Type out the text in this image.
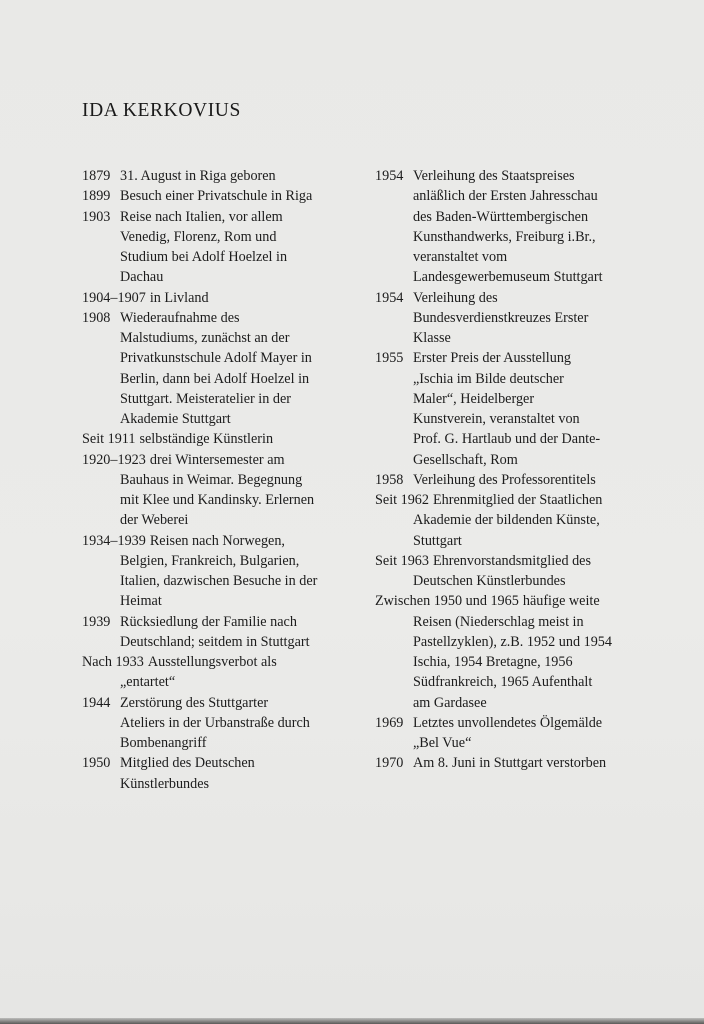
IDA KERKOVIUS
1879 31. August in Riga geboren
1899 Besuch einer Privatschule in Riga
1903 Reise nach Italien, vor allem
Venedig, Florenz, Rom und
Studium bei Adolf Hoelzel in
Dachau
1904–1907 in Livland
1908 Wiederaufnahme des
Malstudiums, zunächst an der
Privatkunstschule Adolf Mayer in
Berlin, dann bei Adolf Hoelzel in
Stuttgart. Meisteratelier in der
Akademie Stuttgart
Seit 1911 selbständige Künstlerin
1920–1923 drei Wintersemester am
Bauhaus in Weimar. Begegnung
mit Klee und Kandinsky. Erlernen
der Weberei
1934–1939 Reisen nach Norwegen,
Belgien, Frankreich, Bulgarien,
Italien, dazwischen Besuche in der
Heimat
1939 Rücksiedlung der Familie nach
Deutschland; seitdem in Stuttgart
Nach 1933 Ausstellungsverbot als
„entartet“
1944 Zerstörung des Stuttgarter
Ateliers in der Urbanstraße durch
Bombenangriff
1950 Mitglied des Deutschen
Künstlerbundes
1954 Verleihung des Staatspreises
anläßlich der Ersten Jahresschau
des Baden-Württembergischen
Kunsthandwerks, Freiburg i.Br.,
veranstaltet vom
Landesgewerbemuseum Stuttgart
1954 Verleihung des
Bundesverdienstkreuzes Erster
Klasse
1955 Erster Preis der Ausstellung
„Ischia im Bilde deutscher
Maler“, Heidelberger
Kunstverein, veranstaltet von
Prof. G. Hartlaub und der Dante-
Gesellschaft, Rom
1958 Verleihung des Professorentitels
Seit 1962 Ehrenmitglied der Staatlichen
Akademie der bildenden Künste,
Stuttgart
Seit 1963 Ehrenvorstandsmitglied des
Deutschen Künstlerbundes
Zwischen 1950 und 1965 häufige weite
Reisen (Niederschlag meist in
Pastellzyklen), z.B. 1952 und 1954
Ischia, 1954 Bretagne, 1956
Südfrankreich, 1965 Aufenthalt
am Gardasee
1969 Letztes unvollendetes Ölgemälde
„Bel Vue“
1970 Am 8. Juni in Stuttgart verstorben
